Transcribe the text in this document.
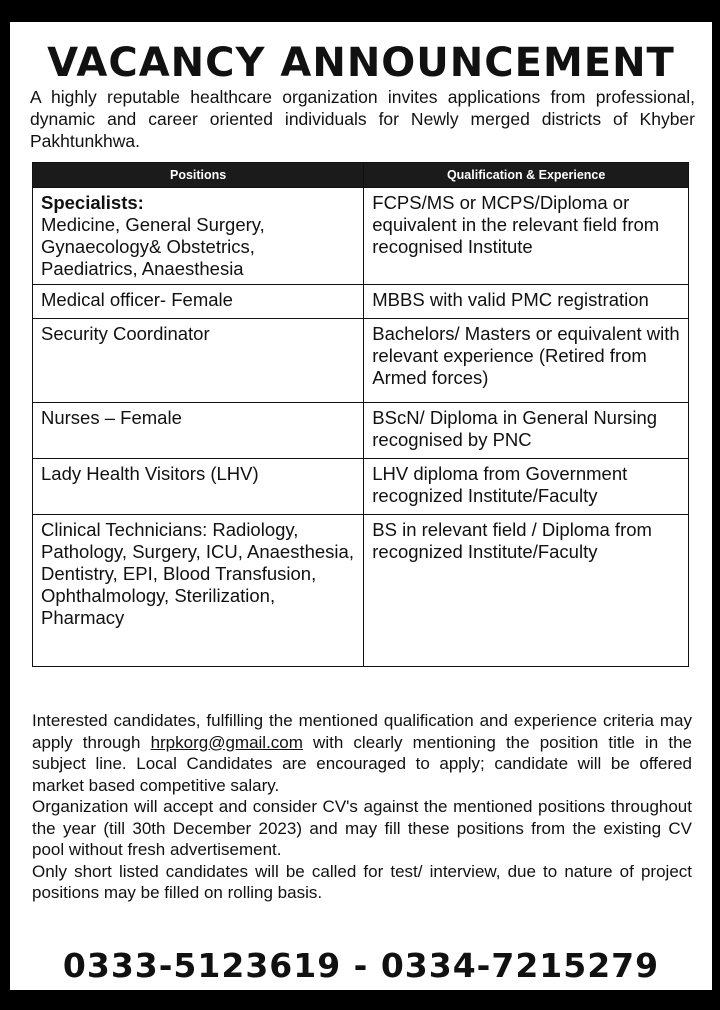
VACANCY ANNOUNCEMENT

A highly reputable healthcare organization invites applications from professional, dynamic and career oriented individuals for Newly merged districts of Khyber Pakhtunkhwa.

Positions	Qualification & Experience

Specialists:
Medicine, General Surgery, Gynaecology& Obstetrics, Paediatrics, Anaesthesia	FCPS/MS or MCPS/Diploma or equivalent in the relevant field from recognised Institute
Medical officer- Female	MBBS with valid PMC registration
Security Coordinator	Bachelors/ Masters or equivalent with relevant experience (Retired from Armed forces)
Nurses – Female	BScN/ Diploma in General Nursing recognised by PNC
Lady Health Visitors (LHV)	LHV diploma from Government recognized Institute/Faculty
Clinical Technicians: Radiology, Pathology, Surgery, ICU, Anaesthesia, Dentistry, EPI, Blood Transfusion, Ophthalmology, Sterilization, Pharmacy	BS in relevant field / Diploma from recognized Institute/Faculty

Interested candidates, fulfilling the mentioned qualification and experience criteria may apply through hrpkorg@gmail.com with clearly mentioning the position title in the subject line. Local Candidates are encouraged to apply; candidate will be offered market based competitive salary.

Organization will accept and consider CV's against the mentioned positions throughout the year (till 30th December 2023) and may fill these positions from the existing CV pool without fresh advertisement.

Only short listed candidates will be called for test/ interview, due to nature of project positions may be filled on rolling basis.

0333-5123619 - 0334-7215279
